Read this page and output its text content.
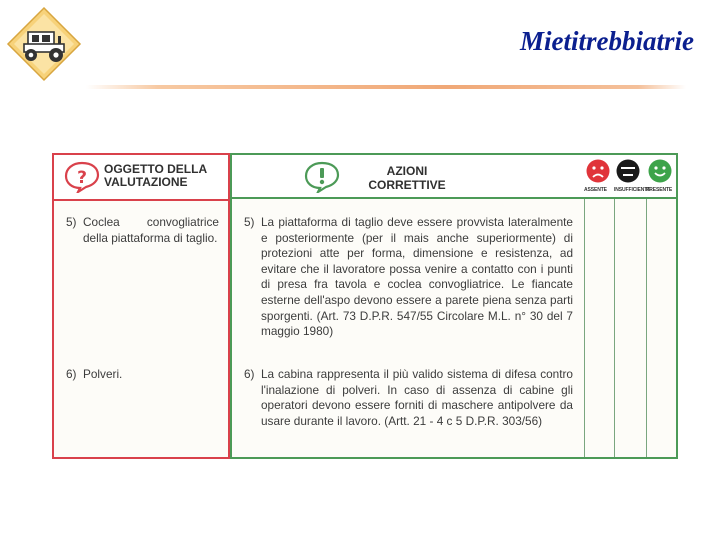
Mietitrebbiatrie
? OGGETTO DELLA VALUTAZIONE
5) Coclea convogliatrice della piattaforma di taglio.
6) Polveri.
AZIONI CORRETTIVE	ASSENTE INSUFFICIENTE
PRESENTE
5) La piattaforma di taglio deve essere provvista lateralmente e posteriormente (per il mais anche superiormente) di protezioni atte per forma, dimensione e resistenza, ad evitare che il lavoratore possa venire a contatto con i punti di presa fra tavola e coclea convogliatrice. Le fiancate esterne dell'aspo devono essere a parete piena senza parti sporgenti. (Art. 73 D.P.R. 547/55 Circolare M.L. n° 30 del 7 maggio 1980)
6) La cabina rappresenta il più valido sistema di difesa contro l'inalazione di polveri. In caso di assenza di cabine gli operatori devono essere forniti di maschere antipolvere da usare durante il lavoro. (Artt. 21 - 4 c 5 D.P.R. 303/56)
